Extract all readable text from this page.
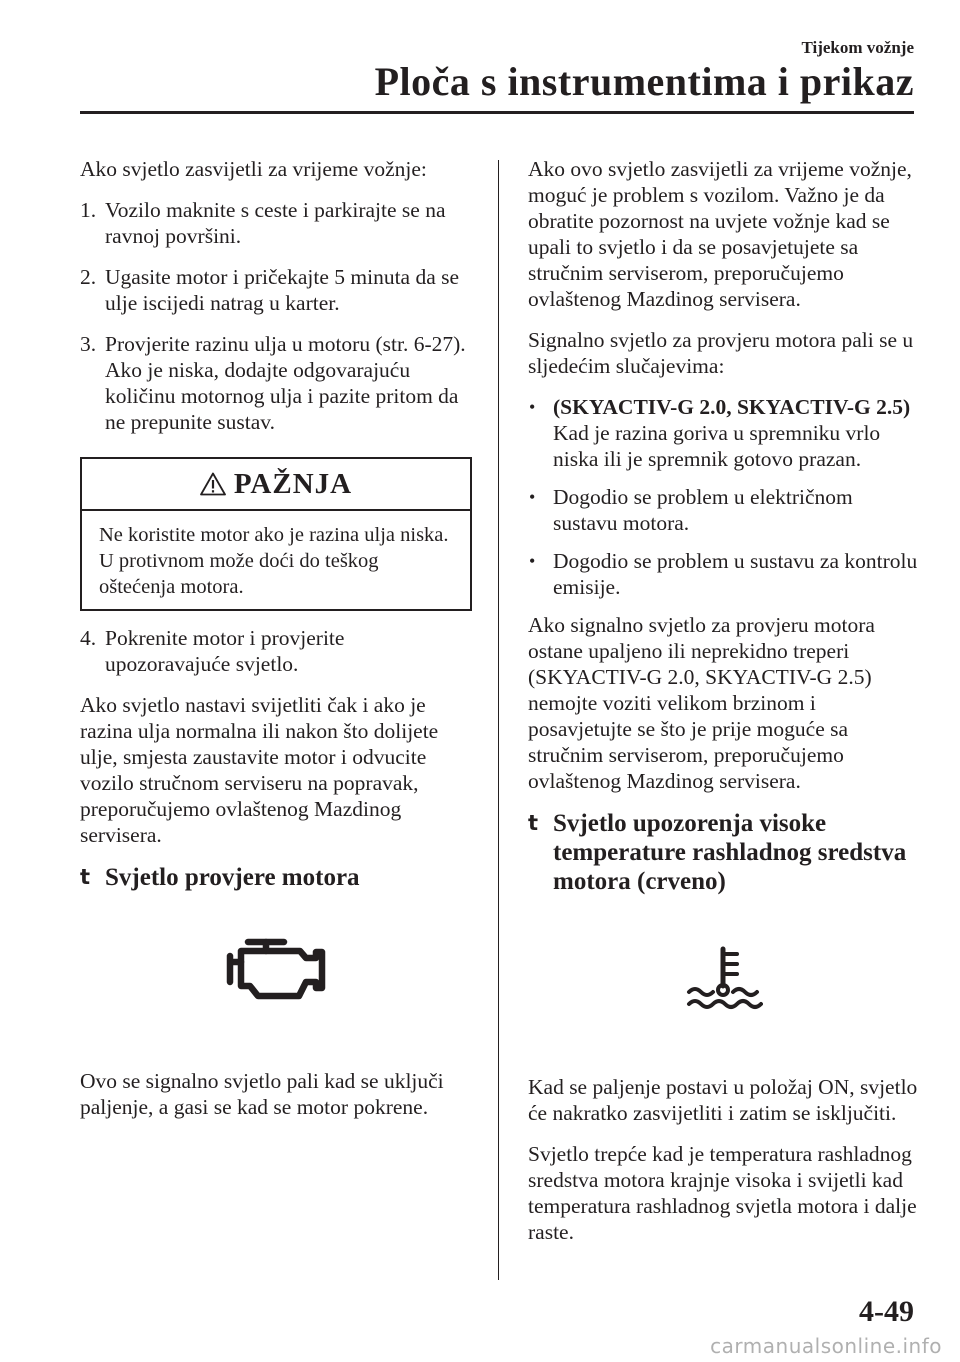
Tijekom vožnje
Ploča s instrumentima i prikaz

Ako svjetlo zasvijetli za vrijeme vožnje:

1. Vozilo maknite s ceste i parkirajte se na ravnoj površini.
2. Ugasite motor i pričekajte 5 minuta da se ulje iscijedi natrag u karter.
3. Provjerite razinu ulja u motoru (str. 6-27). Ako je niska, dodajte odgovarajuću količinu motornog ulja i pazite pritom da ne prepunite sustav.
PAŽNJA
Ne koristite motor ako je razina ulja niska. U protivnom može doći do teškog oštećenja motora.
4. Pokrenite motor i provjerite upozoravajuće svjetlo.

Ako svjetlo nastavi svijetliti čak i ako je razina ulja normalna ili nakon što dolijete ulje, smjesta zaustavite motor i odvucite vozilo stručnom serviseru na popravak, preporučujemo ovlaštenog Mazdinog servisera.

t Svjetlo provjere motora
Ovo se signalno svjetlo pali kad se uključi paljenje, a gasi se kad se motor pokrene.

Ako ovo svjetlo zasvijetli za vrijeme vožnje, moguć je problem s vozilom. Važno je da obratite pozornost na uvjete vožnje kad se upali to svjetlo i da se posavjetujete sa stručnim serviserom, preporučujemo ovlaštenog Mazdinog servisera.

Signalno svjetlo za provjeru motora pali se u sljedećim slučajevima:

• (SKYACTIV-G 2.0, SKYACTIV-G 2.5)
Kad je razina goriva u spremniku vrlo niska ili je spremnik gotovo prazan.
• Dogodio se problem u električnom sustavu motora.
• Dogodio se problem u sustavu za kontrolu emisije.

Ako signalno svjetlo za provjeru motora ostane upaljeno ili neprekidno treperi (SKYACTIV-G 2.0, SKYACTIV-G 2.5) nemojte voziti velikom brzinom i posavjetujte se što je prije moguće sa stručnim serviserom, preporučujemo ovlaštenog Mazdinog servisera.

t Svjetlo upozorenja visoke temperature rashladnog sredstva motora (crveno)

Kad se paljenje postavi u položaj ON, svjetlo će nakratko zasvijetliti i zatim se isključiti.

Svjetlo trepće kad je temperatura rashladnog sredstva motora krajnje visoka i svijetli kad temperatura rashladnog svjetla motora i dalje raste.

4-49
carmanualsonline.info
